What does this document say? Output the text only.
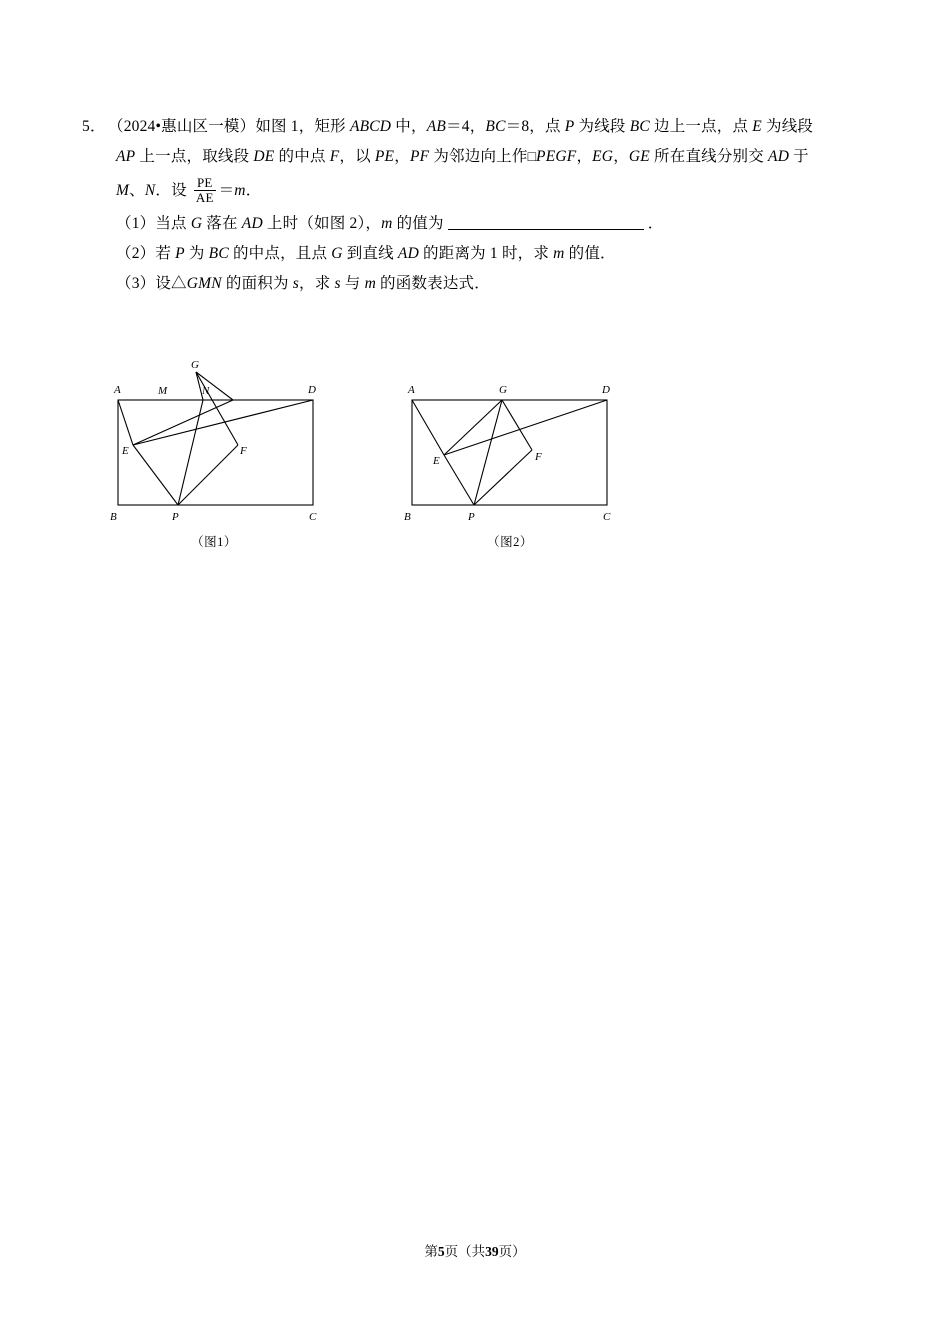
5． （2024•惠山区一模）如图 1，矩形 ABCD 中，AB＝4，BC＝8，点 P 为线段 BC 边上一点，点 E 为线段
AP 上一点，取线段 DE 的中点 F，以 PE，PF 为邻边向上作□PEGF，EG，GE 所在直线分别交 AD 于
M、N．设 $\frac{PE}{AE} =m$．
（1）当点 G 落在 AD 上时（如图 2），m 的值为	．
（2）若 P 为 BC 的中点，且点 G 到直线 AD 的距离为 1 时，求 m 的值．
（3）设△GMN 的面积为 s，求 s 与 m 的函数表达式．
A	M	N	D
G
E	F
B	P	C
（图1）
A	G	D
E	F
B	P	C
（图2）
第5页（共39页）
